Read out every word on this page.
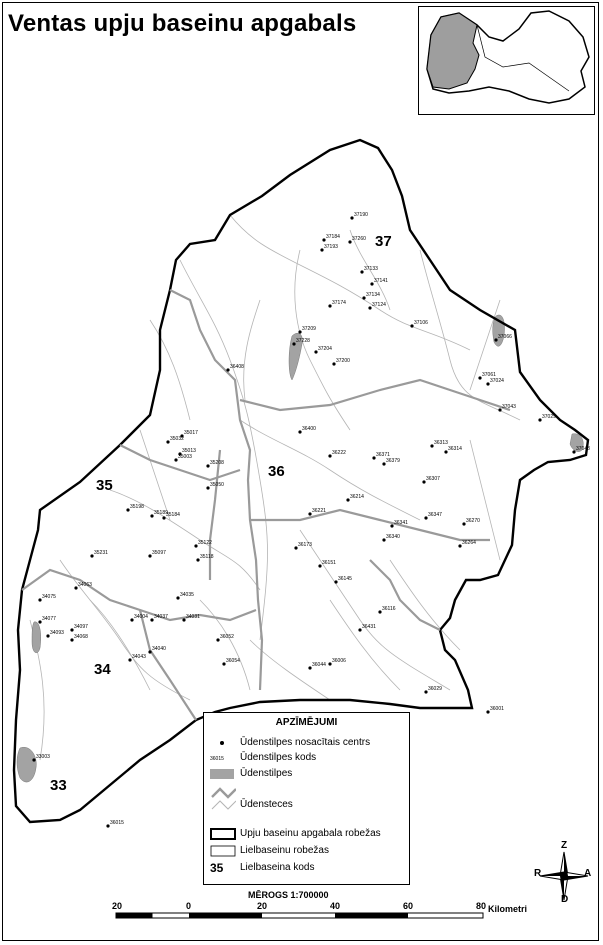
Ventas upju baseinu apgabals
37190
37184
37193
37260
37133
37141
37134
37174	37124
37106
37228
37209
37204
37200
37066
37061
37024
37043
37029
37048
36408
36400
36222	36371
36379
36313
36314
36307
36347
36341
36340
36270
36264
36221
36214
36173
36151
36145
36116
36431
36044
36006
36001
36029
36052
36054
36015
35198
35189
35184
35122
35118
35097
35032
35017
35013
35003
35050
35208
35231
34063
34075
34077
34093
34097
34068
34037
34043
34040
34035
34031
34004
33003
37
36
35
34
33
APZĪMĒJUMI
Ūdenstilpes nosacītais centrs
36015 Ūdenstilpes kods
Ūdenstilpes
Ūdensteces
Upju baseinu apgabala robežas
Lielbaseinu robežas
35 Lielbaseina kods
MĒROGS 1:700000
20	0	20	40	60	80 Kilometri
Z
A
D
R
